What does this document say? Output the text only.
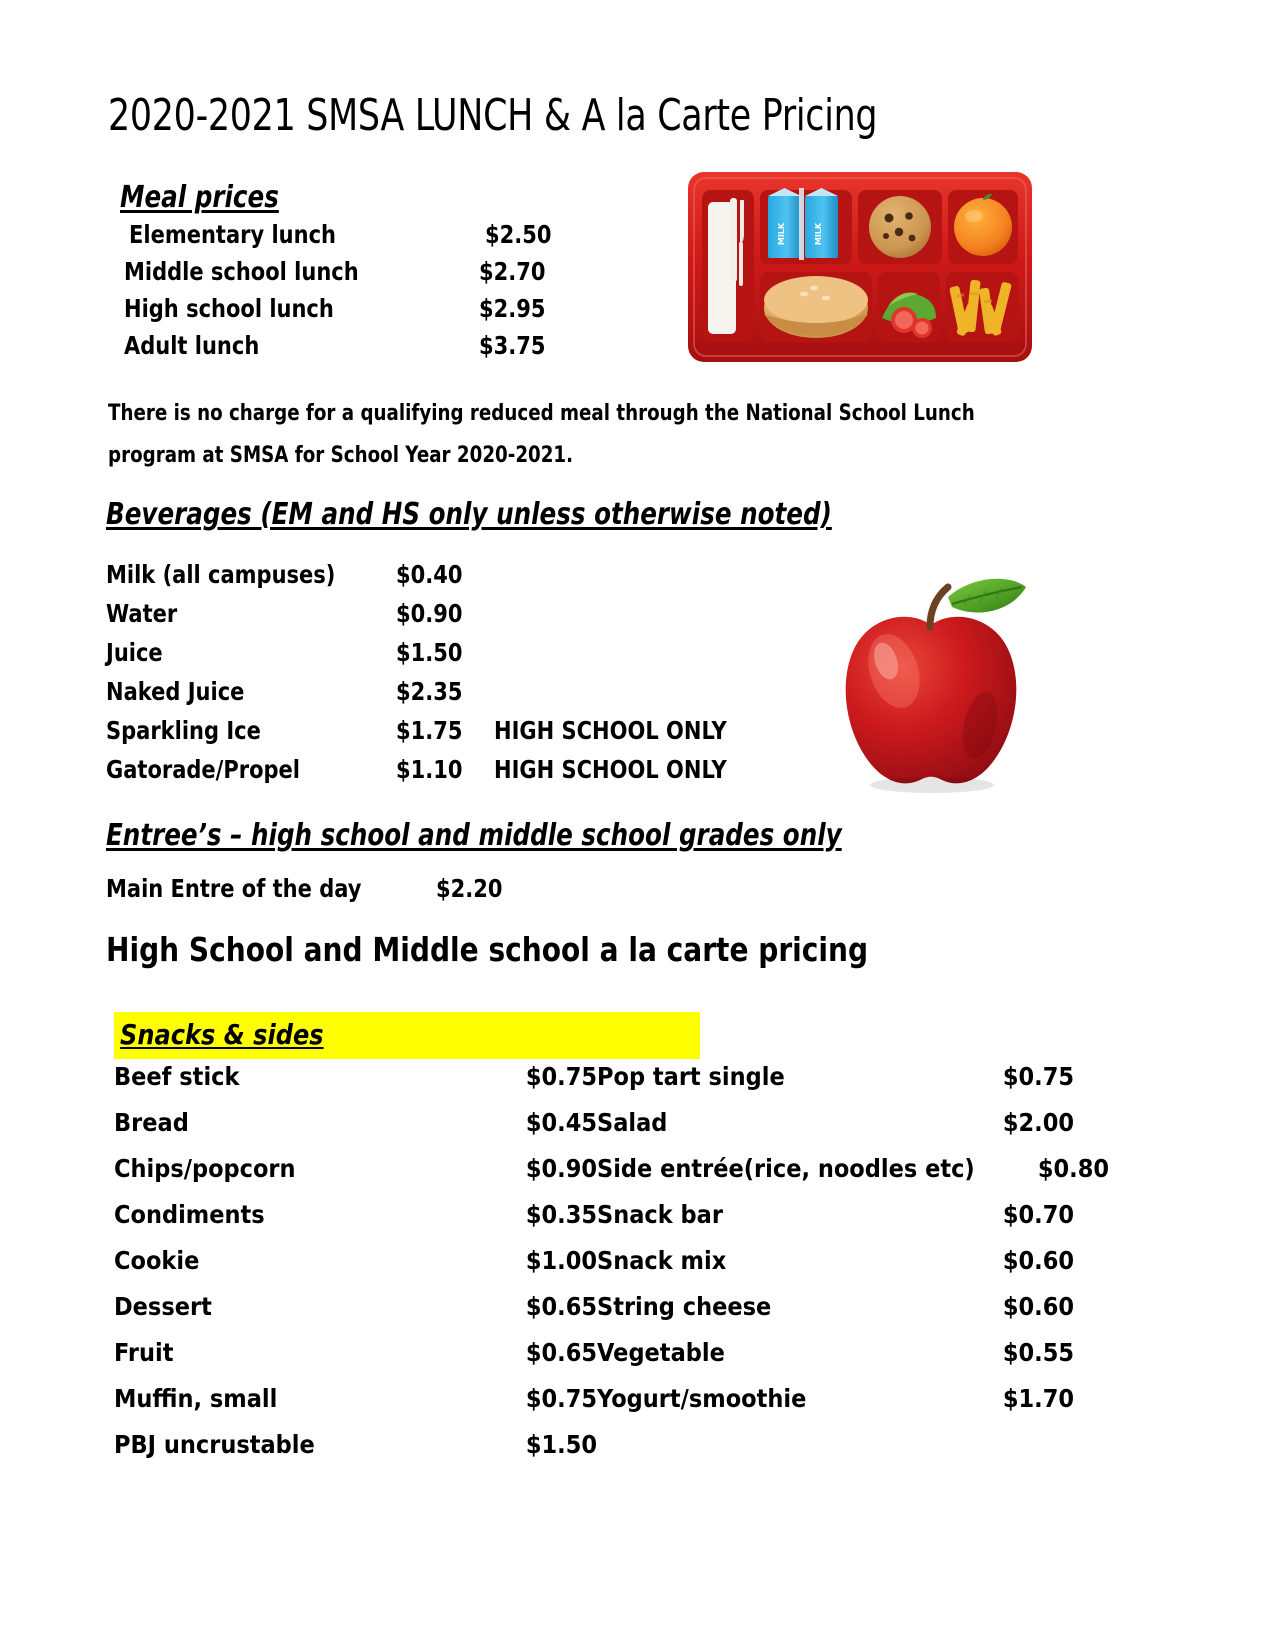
2020-2021 SMSA LUNCH & A la Carte Pricing
Meal prices
Elementary lunch	$2.50
Middle school lunch	$2.70
High school lunch	$2.95
Adult lunch	$3.75
MILK	MILK
There is no charge for a qualifying reduced meal through the National School Lunch
program at SMSA for School Year 2020-2021.
Beverages (EM and HS only unless otherwise noted)
Milk (all campuses)	$0.40
Water	$0.90
Juice	$1.50
Naked Juice	$2.35
Sparkling Ice	$1.75	HIGH SCHOOL ONLY
Gatorade/Propel	$1.10	HIGH SCHOOL ONLY
Entree’s – high school and middle school grades only
Main Entre of the day	$2.20
High School and Middle school a la carte pricing
Snacks & sides
Beef stick	$0.75 Pop tart single	$0.75
Bread	$0.45 Salad	$2.00
Chips/popcorn	$0.90 Side entrée(rice, noodles etc)	$0.80
Condiments	$0.35 Snack bar	$0.70
Cookie	$1.00 Snack mix	$0.60
Dessert	$0.65 String cheese	$0.60
Fruit	$0.65 Vegetable	$0.55
Muffin, small	$0.75 Yogurt/smoothie	$1.70
PBJ uncrustable	$1.50
